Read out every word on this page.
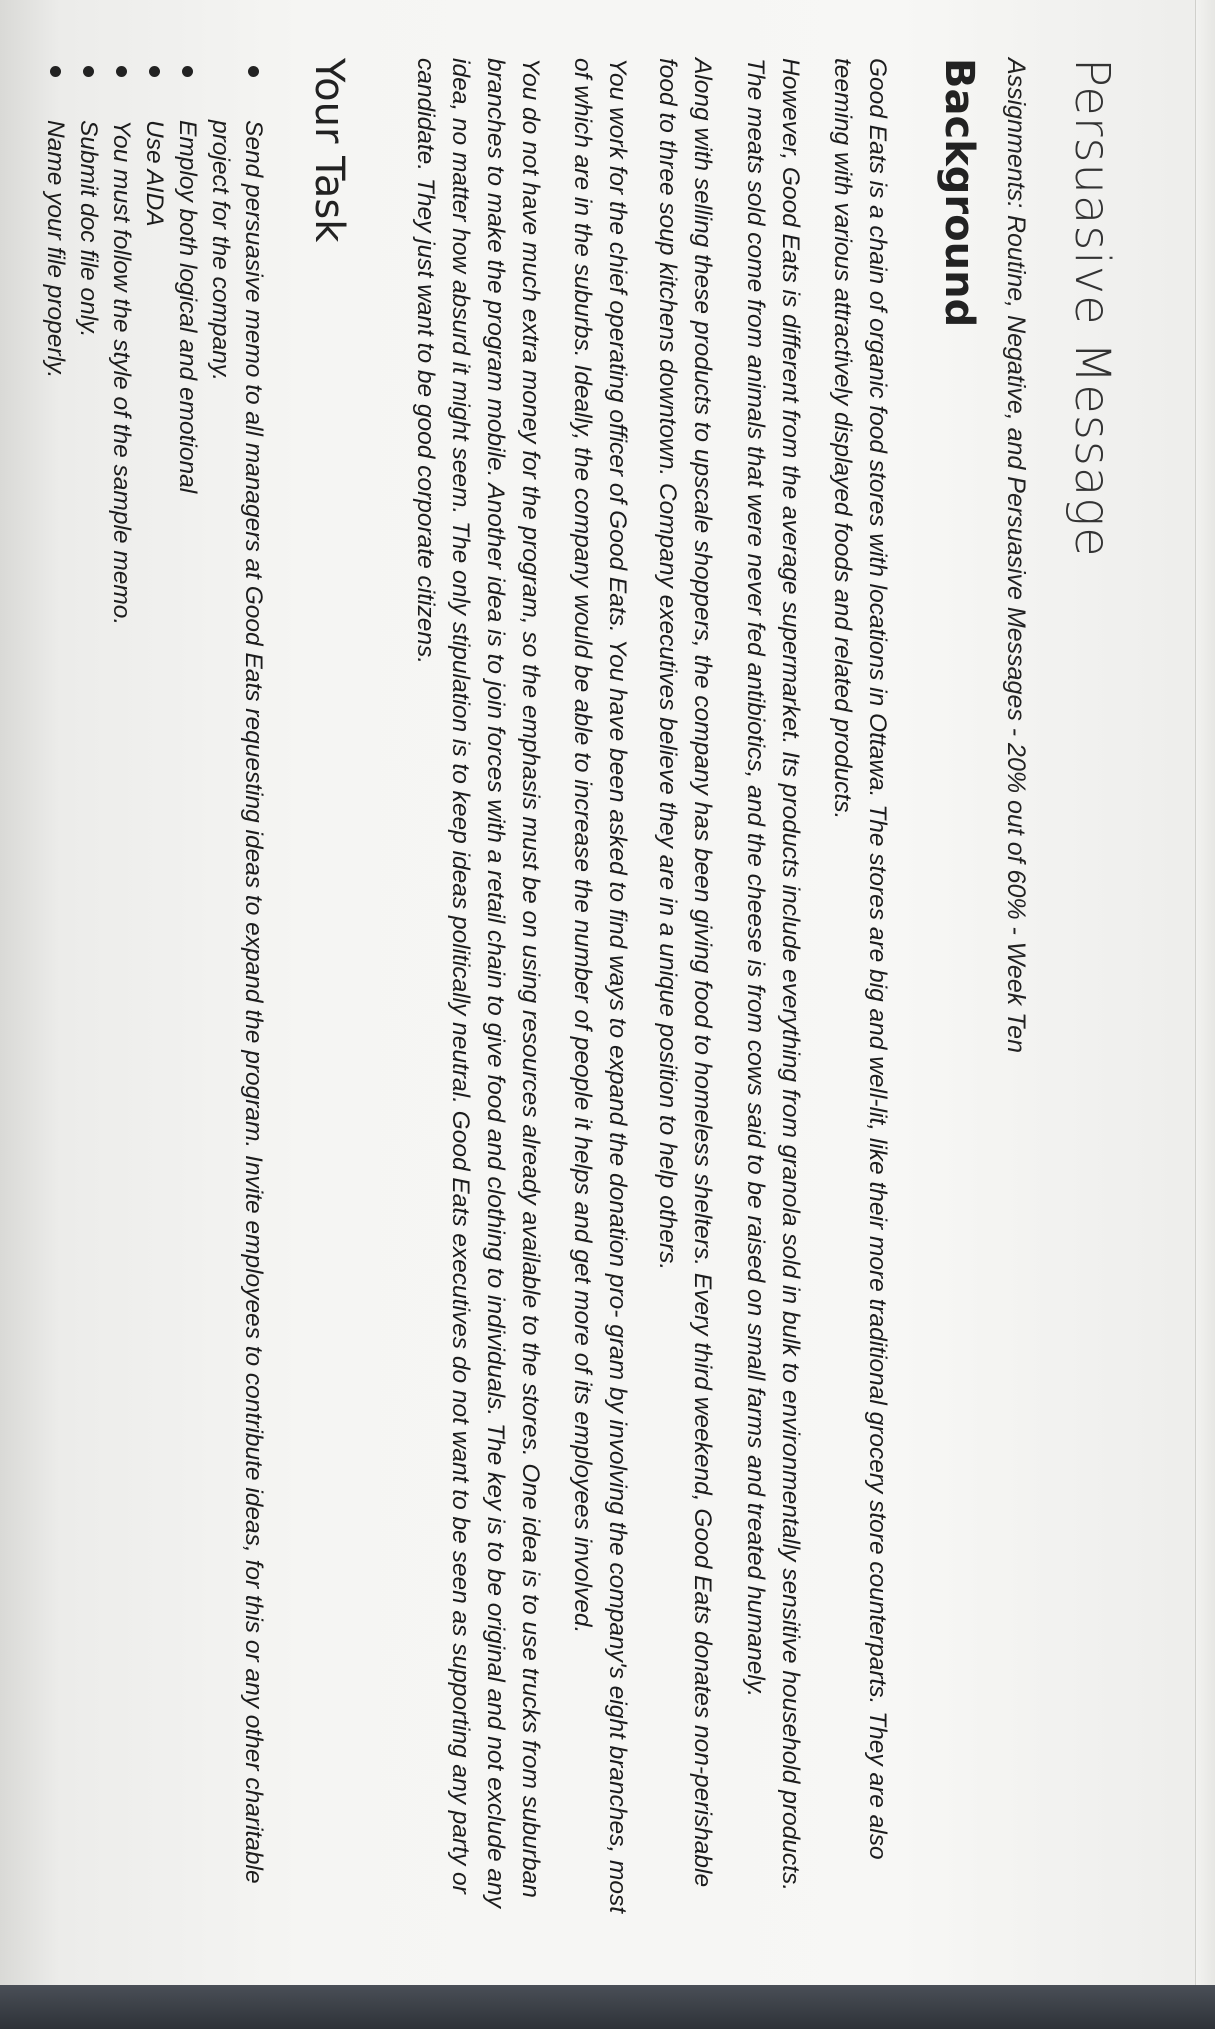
Persuasive Message
Assignments: Routine, Negative, and Persuasive Messages - 20% out of 60% - Week Ten
Background
Good Eats is a chain of organic food stores with locations in Ottawa. The stores are big and well-lit, like their more traditional grocery store counterparts. They are also teeming with various attractively displayed foods and related products.
However, Good Eats is different from the average supermarket. Its products include everything from granola sold in bulk to environmentally sensitive household products. The meats sold come from animals that were never fed antibiotics, and the cheese is from cows said to be raised on small farms and treated humanely.
Along with selling these products to upscale shoppers, the company has been giving food to homeless shelters. Every third weekend, Good Eats donates non-perishable food to three soup kitchens downtown. Company executives believe they are in a unique position to help others.
You work for the chief operating officer of Good Eats. You have been asked to find ways to expand the donation pro- gram by involving the company's eight branches, most of which are in the suburbs. Ideally, the company would be able to increase the number of people it helps and get more of its employees involved.
You do not have much extra money for the program, so the emphasis must be on using resources already available to the stores. One idea is to use trucks from suburban branches to make the program mobile. Another idea is to join forces with a retail chain to give food and clothing to individuals. The key is to be original and not exclude any idea, no matter how absurd it might seem. The only stipulation is to keep ideas politically neutral. Good Eats executives do not want to be seen as supporting any party or candidate. They just want to be good corporate citizens.
Your Task
Send persuasive memo to all managers at Good Eats requesting ideas to expand the program. Invite employees to contribute ideas, for this or any other charitable project for the company.
Employ both logical and emotional
Use AIDA
You must follow the style of the sample memo.
Submit doc file only.
Name your file properly.
